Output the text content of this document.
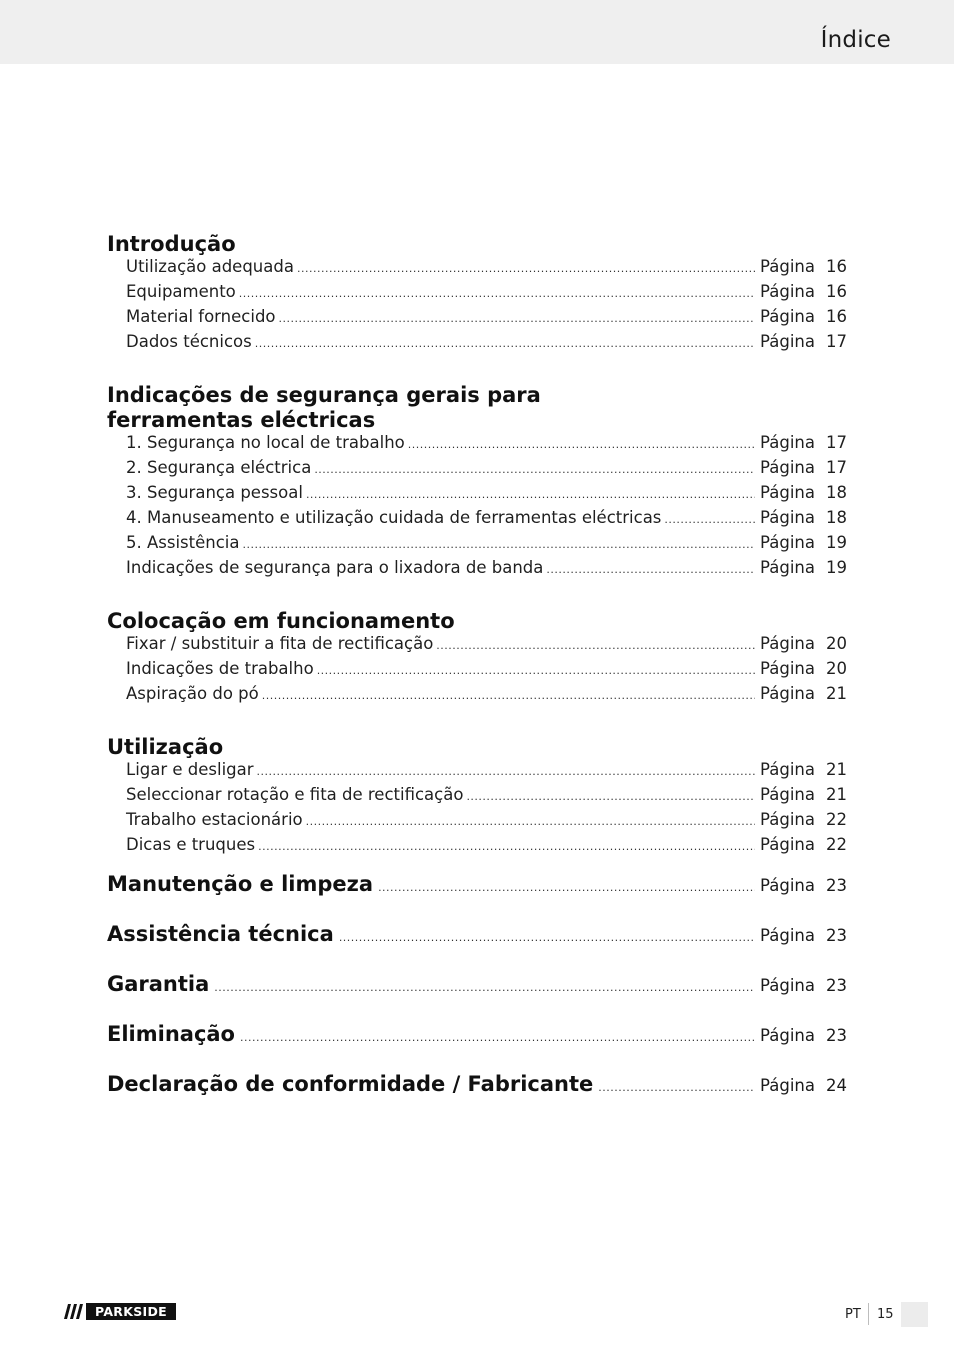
Índice
Introdução
Utilização adequada .....	Página 16
Equipamento .....	Página 16
Material fornecido .....	Página 16
Dados técnicos .....	Página 17
Indicações de segurança gerais para
ferramentas eléctricas
1. Segurança no local de trabalho .....	Página 17
2. Segurança eléctrica .....	Página 17
3. Segurança pessoal .....	Página 18
4. Manuseamento e utilização cuidada de ferramentas eléctricas .....	Página 18
5. Assistência .....	Página 19
Indicações de segurança para o lixadora de banda .....	Página 19
Colocação em funcionamento
Fixar / substituir a fita de rectificação .....	Página 20
Indicações de trabalho .....	Página 20
Aspiração do pó .....	Página 21
Utilização
Ligar e desligar .....	Página 21
Seleccionar rotação e fita de rectificação .....	Página 21
Trabalho estacionário .....	Página 22
Dicas e truques .....	Página 22
Manutenção e limpeza .....	Página 23
Assistência técnica .....	Página 23
Garantia .....	Página 23
Eliminação .....	Página 23
Declaração de conformidade / Fabricante .....	Página 24
PARKSIDE	PT 15
